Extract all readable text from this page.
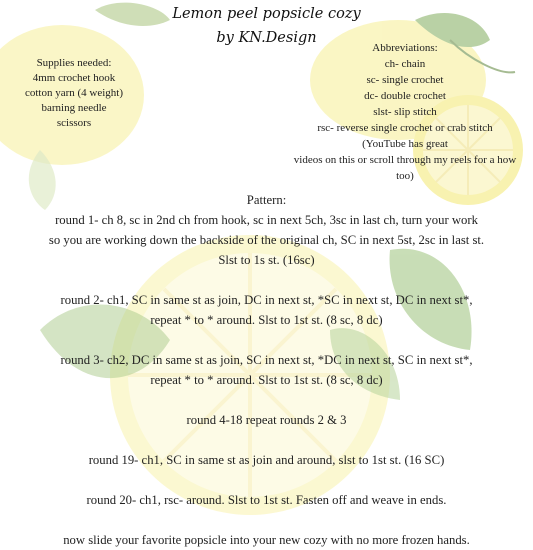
Lemon peel popsicle cozy
by KN.Design
Supplies needed:
4mm crochet hook
cotton yarn (4 weight)
barning needle
scissors
Abbreviations:
ch- chain
sc- single crochet
dc- double crochet
slst- slip stitch
rsc- reverse single crochet or crab stitch
(YouTube has great
videos on this or scroll through my reels for a how
too)
Pattern:
round 1- ch 8, sc in 2nd ch from hook, sc in next 5ch, 3sc in last ch, turn your work
so you are working down the backside of the original ch, SC in next 5st, 2sc in last st.
Slst to 1s st. (16sc)
round 2- ch1, SC in same st as join, DC in next st, *SC in next st, DC in next st*,
repeat * to * around. Slst to 1st st. (8 sc, 8 dc)
round 3- ch2, DC in same st as join, SC in next st, *DC in next st, SC in next st*,
repeat * to * around. Slst to 1st st. (8 sc, 8 dc)
round 4-18 repeat rounds 2 & 3
round 19- ch1, SC in same st as join and around, slst to 1st st. (16 SC)
round 20- ch1, rsc- around. Slst to 1st st. Fasten off and weave in ends.
now slide your favorite popsicle into your new cozy with no more frozen hands.
